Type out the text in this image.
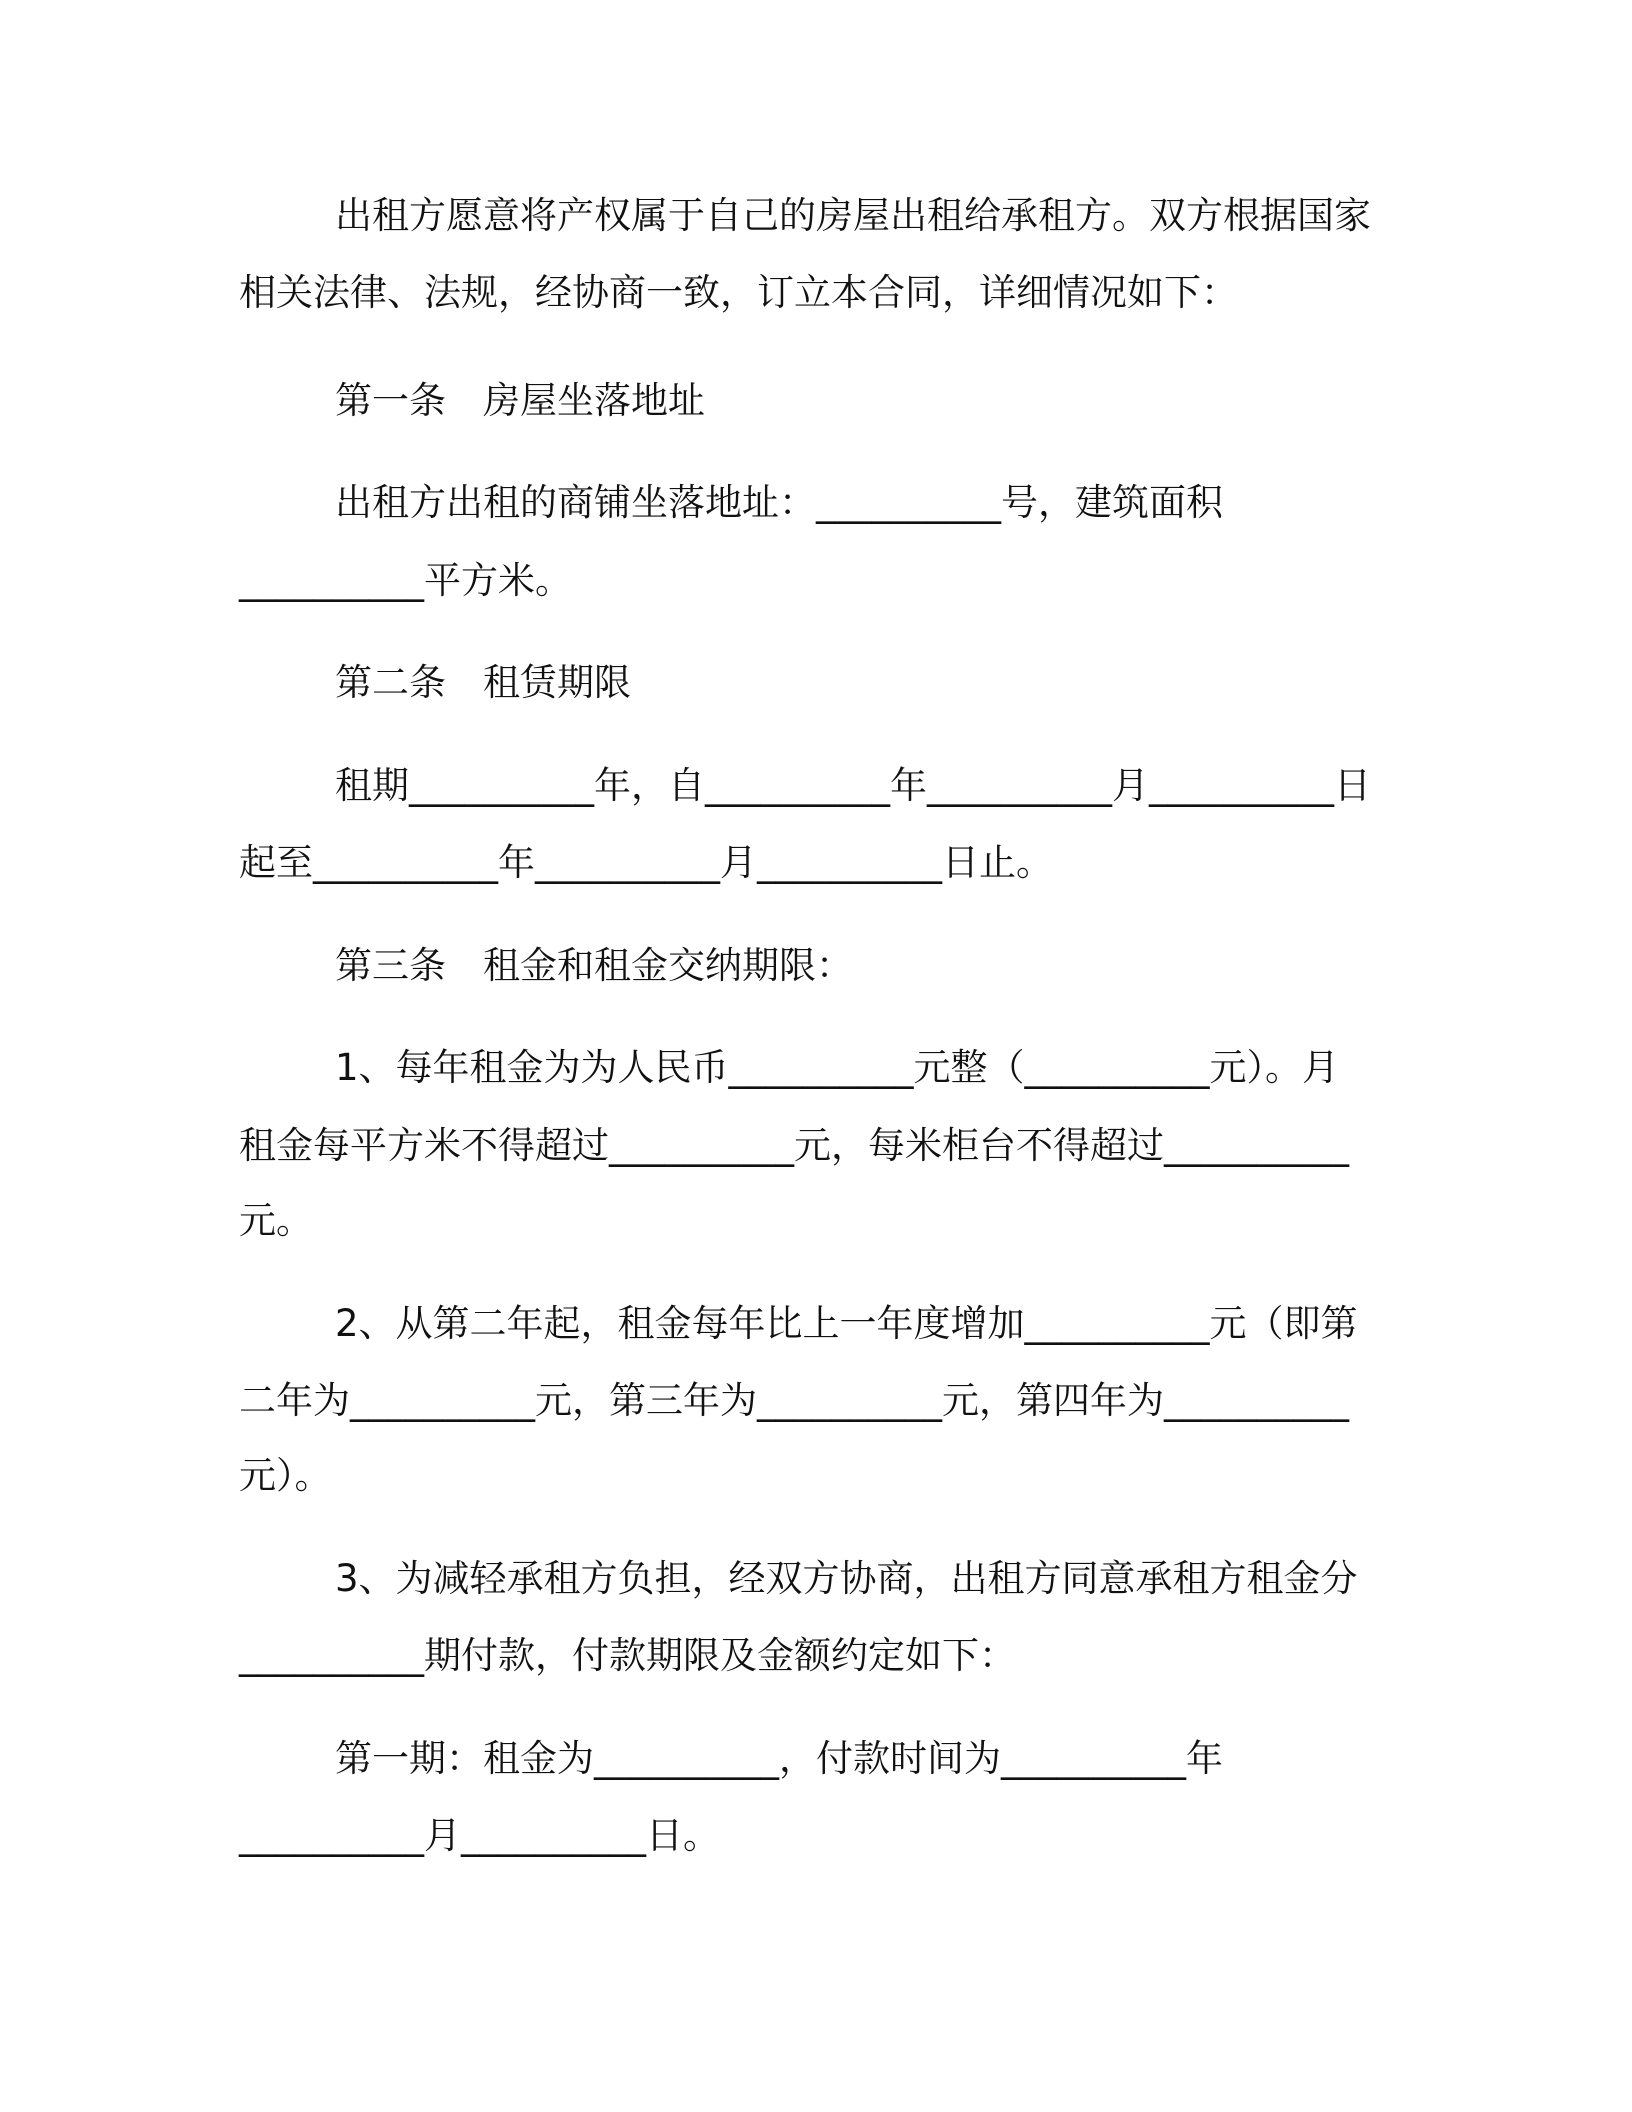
出租方愿意将产权属于自己的房屋出租给承租方。双方根据国家

相关法律、法规，经协商一致，订立本合同，详细情况如下：

第一条　房屋坐落地址

出租方出租的商铺坐落地址：__________号，建筑面积

__________平方米。

第二条　租赁期限

租期__________年，自__________年__________月__________日

起至__________年__________月__________日止。

第三条　租金和租金交纳期限：

1、每年租金为为人民币__________元整（__________元）。月

租金每平方米不得超过__________元，每米柜台不得超过__________

元。

2、从第二年起，租金每年比上一年度增加__________元（即第

二年为__________元，第三年为__________元，第四年为__________

元）。

3、为减轻承租方负担，经双方协商，出租方同意承租方租金分

__________期付款，付款期限及金额约定如下：

第一期：租金为__________，付款时间为__________年

__________月__________日。
